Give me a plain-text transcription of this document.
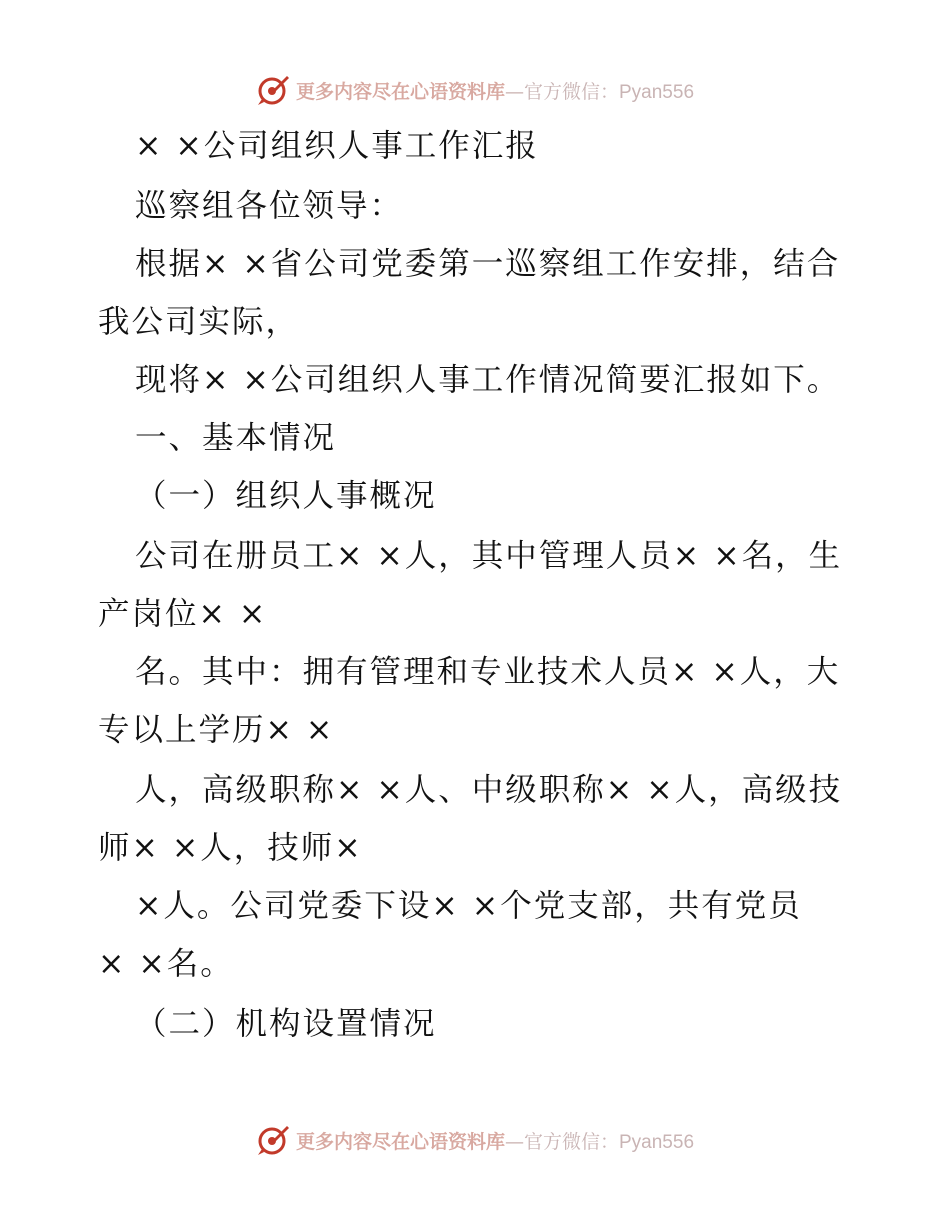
更多内容尽在心语资料库—官方微信：Pyan556
× ×公司组织人事工作汇报
巡察组各位领导：
根据× ×省公司党委第一巡察组工作安排，结合
我公司实际，
现将× ×公司组织人事工作情况简要汇报如下。
一、基本情况
（一）组织人事概况
公司在册员工× ×人，其中管理人员× ×名，生
产岗位× ×
名。其中：拥有管理和专业技术人员× ×人，大
专以上学历× ×
人，高级职称× ×人、中级职称× ×人，高级技
师× ×人，技师×
×人。公司党委下设× ×个党支部，共有党员
× ×名。
（二）机构设置情况
更多内容尽在心语资料库—官方微信：Pyan556
